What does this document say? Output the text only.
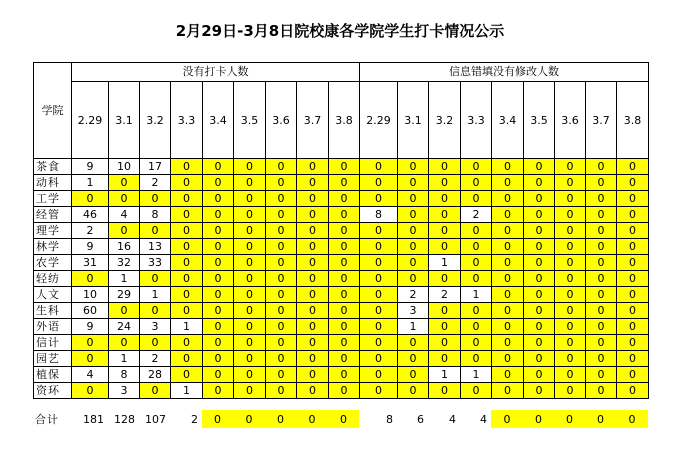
2月29日-3月8日院校康各学院学生打卡情况公示
学院	没有打卡人数									信息错填没有修改人数								
	2.29	3.1	3.2	3.3	3.4	3.5	3.6	3.7	3.8	2.29	3.1	3.2	3.3	3.4	3.5	3.6	3.7	3.8
茶食	9	10	17	0	0	0	0	0	0	0	0	0	0	0	0	0	0	0
动科	1	0	2	0	0	0	0	0	0	0	0	0	0	0	0	0	0	0
工学	0	0	0	0	0	0	0	0	0	0	0	0	0	0	0	0	0	0
经管	46	4	8	0	0	0	0	0	0	8	0	0	2	0	0	0	0	0
理学	2	0	0	0	0	0	0	0	0	0	0	0	0	0	0	0	0	0
林学	9	16	13	0	0	0	0	0	0	0	0	0	0	0	0	0	0	0
农学	31	32	33	0	0	0	0	0	0	0	0	1	0	0	0	0	0	0
轻纺	0	1	0	0	0	0	0	0	0	0	0	0	0	0	0	0	0	0
人文	10	29	1	0	0	0	0	0	0	0	2	2	1	0	0	0	0	0
生科	60	0	0	0	0	0	0	0	0	0	3	0	0	0	0	0	0	0
外语	9	24	3	1	0	0	0	0	0	0	1	0	0	0	0	0	0	0
信计	0	0	0	0	0	0	0	0	0	0	0	0	0	0	0	0	0	0
园艺	0	1	2	0	0	0	0	0	0	0	0	0	0	0	0	0	0	0
植保	4	8	28	0	0	0	0	0	0	0	0	1	1	0	0	0	0	0
资环	0	3	0	1	0	0	0	0	0	0	0	0	0	0	0	0	0	0
合计	181	128	107	2	0	0	0	0	0	8	6	4	4	0	0	0	0	0
